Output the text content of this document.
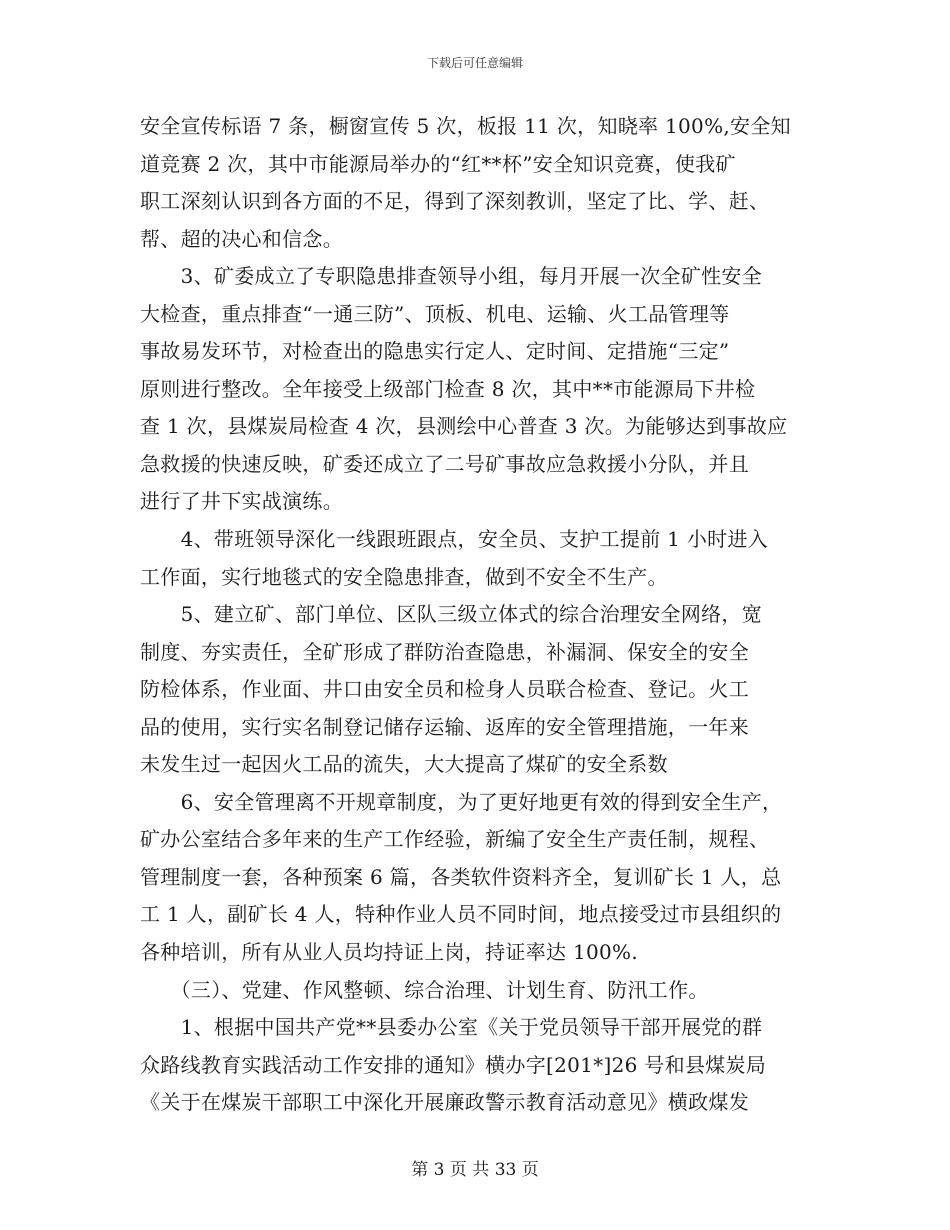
下载后可任意编辑
安全宣传标语 7 条，橱窗宣传 5 次，板报 11 次，知晓率 100%,安全知
道竞赛 2 次，其中市能源局举办的“红**杯”安全知识竞赛，使我矿
职工深刻认识到各方面的不足，得到了深刻教训，坚定了比、学、赶、
帮、超的决心和信念。
　　3、矿委成立了专职隐患排查领导小组，每月开展一次全矿性安全
大检查，重点排查“一通三防”、顶板、机电、运输、火工品管理等
事故易发环节，对检查出的隐患实行定人、定时间、定措施“三定”
原则进行整改。全年接受上级部门检查 8 次，其中**市能源局下井检
查 1 次，县煤炭局检查 4 次，县测绘中心普查 3 次。为能够达到事故应
急救援的快速反映，矿委还成立了二号矿事故应急救援小分队，并且
进行了井下实战演练。
　　4、带班领导深化一线跟班跟点，安全员、支护工提前 1 小时进入
工作面，实行地毯式的安全隐患排查，做到不安全不生产。
　　5、建立矿、部门单位、区队三级立体式的综合治理安全网络，宽
制度、夯实责任，全矿形成了群防治查隐患，补漏洞、保安全的安全
防检体系，作业面、井口由安全员和检身人员联合检查、登记。火工
品的使用，实行实名制登记储存运输、返库的安全管理措施，一年来
未发生过一起因火工品的流失，大大提高了煤矿的安全系数
　　6、安全管理离不开规章制度，为了更好地更有效的得到安全生产，
矿办公室结合多年来的生产工作经验，新编了安全生产责任制，规程、
管理制度一套，各种预案 6 篇，各类软件资料齐全，复训矿长 1 人，总
工 1 人，副矿长 4 人，特种作业人员不同时间，地点接受过市县组织的
各种培训，所有从业人员均持证上岗，持证率达 100%.
　　（三）、党建、作风整顿、综合治理、计划生育、防汛工作。
　　1、根据中国共产党**县委办公室《关于党员领导干部开展党的群
众路线教育实践活动工作安排的通知》横办字[201*]26 号和县煤炭局
《关于在煤炭干部职工中深化开展廉政警示教育活动意见》横政煤发
第 3 页 共 33 页
